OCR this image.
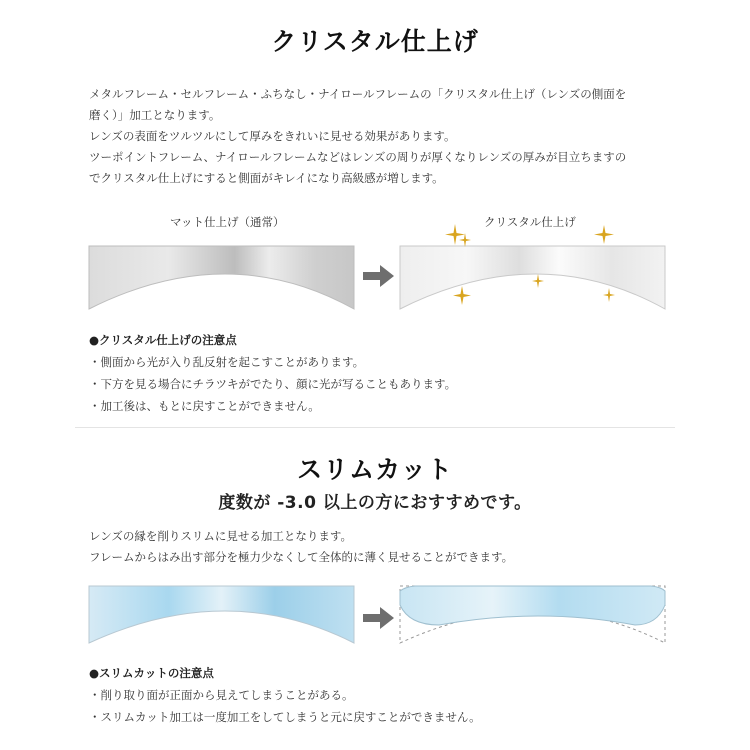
クリスタル仕上げ
メタルフレーム・セルフレーム・ふちなし・ナイロールフレームの「クリスタル仕上げ（レンズの側面を
磨く）」加工となります。
レンズの表面をツルツルにして厚みをきれいに見せる効果があります。
ツーポイントフレーム、ナイロールフレームなどはレンズの周りが厚くなりレンズの厚みが目立ちますの
でクリスタル仕上げにすると側面がキレイになり高級感が増します。
マット仕上げ（通常）	クリスタル仕上げ
●クリスタル仕上げの注意点
・側面から光が入り乱反射を起こすことがあります。
・下方を見る場合にチラツキがでたり、顔に光が写ることもあります。
・加工後は、もとに戻すことができません。
スリムカット
度数が -3.0 以上の方におすすめです。
レンズの縁を削りスリムに見せる加工となります。
フレームからはみ出す部分を極力少なくして全体的に薄く見せることができます。
●スリムカットの注意点
・削り取り面が正面から見えてしまうことがある。
・スリムカット加工は一度加工をしてしまうと元に戻すことができません。
